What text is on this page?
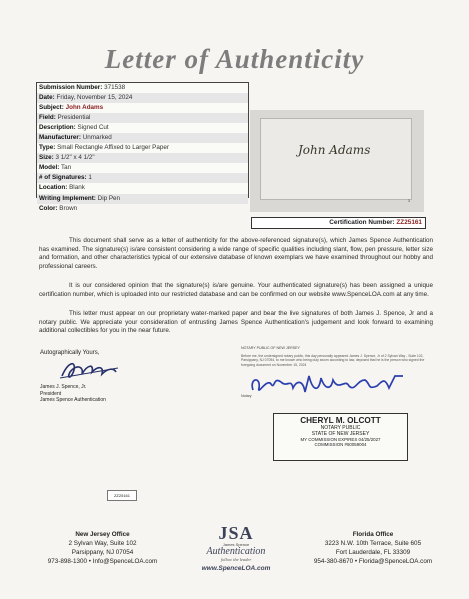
Letter of Authenticity
Submission Number: 371538
Date: Friday, November 15, 2024
Subject: John Adams
Field: Presidential
Description: Signed Cut
Manufacturer: Unmarked
Type: Small Rectangle Affixed to Larger Paper
Size: 3 1/2" x 4 1/2"
Model: Tan
# of Signatures: 1
Location: Blank
Writing Implement: Dip Pen
Color: Brown
John Adams
3
Certification Number: ZZ25161
This document shall serve as a letter of authenticity for the above-referenced signature(s), which James Spence Authentication has examined. The signature(s) is/are consistent considering a wide range of specific qualities including slant, flow, pen pressure, letter size and formation, and other characteristics typical of our extensive database of known exemplars we have examined throughout our hobby and professional careers.
It is our considered opinion that the signature(s) is/are genuine. Your authenticated signature(s) has been assigned a unique certification number, which is uploaded into our restricted database and can be confirmed on our website www.SpenceLOA.com at any time.
This letter must appear on our proprietary water-marked paper and bear the live signatures of both James J. Spence, Jr and a notary public. We appreciate your consideration of entrusting James Spence Authentication's judgement and look forward to examining additional collectibles for you in the near future.
Autographically Yours,
James J. Spence, Jr.
President
James Spence Authentication
NOTARY PUBLIC OF NEW JERSEY
Before me, the undersigned notary public, this day personally appeared James J. Spence, Jr of 2 Sylvan Way - Suite 102, Parsippany, NJ 07054, to me known who being duly sworn according to law, deposed that he is the person who signed the foregoing document on November 15, 2024
Notary
CHERYL M. OLCOTT
NOTARY PUBLIC
STATE OF NEW JERSEY
MY COMMISSION EXPIRES 04/25/2027
COMMISSION #50059004
ZZ25161
New Jersey Office
2 Sylvan Way, Suite 102
Parsippany, NJ 07054
973-898-1300 • Info@SpenceLOA.com
JSA
James Spence
Authentication
follow the leader
www.SpenceLOA.com
Florida Office
3223 N.W. 10th Terrace, Suite 605
Fort Lauderdale, FL 33309
954-380-8670 • Florida@SpenceLOA.com
